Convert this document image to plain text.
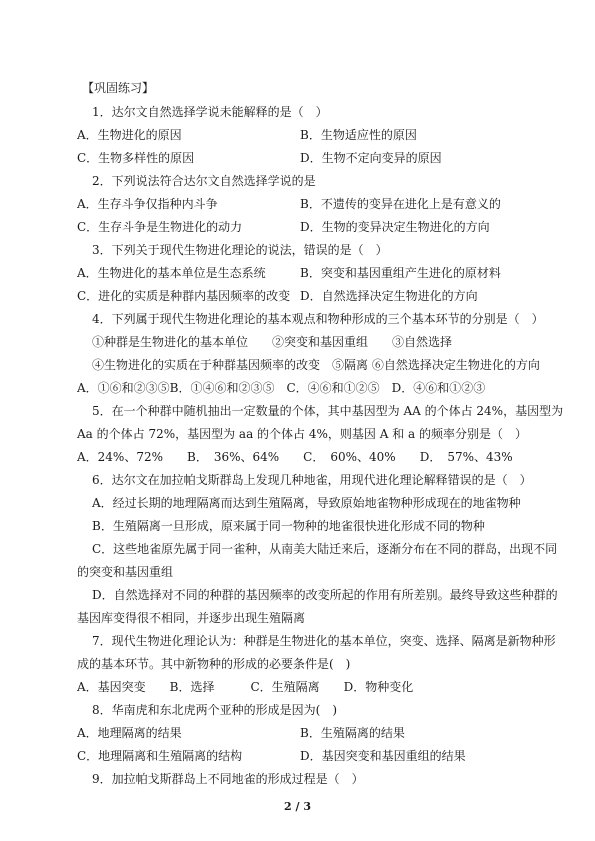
【巩固练习】
1．达尔文自然选择学说未能解释的是（　）
A．生物进化的原因	B．生物适应性的原因
C．生物多样性的原因	D．生物不定向变异的原因
2．下列说法符合达尔文自然选择学说的是
A．生存斗争仅指种内斗争	B．不遗传的变异在进化上是有意义的
C．生存斗争是生物进化的动力	D．生物的变异决定生物进化的方向
3．下列关于现代生物进化理论的说法，错误的是（　）
A．生物进化的基本单位是生态系统	B．突变和基因重组产生进化的原材料
C．进化的实质是种群内基因频率的改变 D．自然选择决定生物进化的方向
4．下列属于现代生物进化理论的基本观点和物种形成的三个基本环节的分别是（　）
①种群是生物进化的基本单位　　②突变和基因重组　　③自然选择
④生物进化的实质在于种群基因频率的改变　⑤隔离 ⑥自然选择决定生物进化的方向
A．①⑥和②③⑤B．①④⑥和②③⑤　C．④⑥和①②⑤　D．④⑥和①②③
5．在一个种群中随机抽出一定数量的个体，其中基因型为 AA 的个体占 24%，基因型为
Aa 的个体占 72%，基因型为 aa 的个体占 4%，则基因 A 和 a 的频率分别是（　）
A．24%、72%　　B．　36%、64%　　C．　60%、40%　　D．　57%、43%
6．达尔文在加拉帕戈斯群岛上发现几种地雀，用现代进化理论解释错误的是（　）
A．经过长期的地理隔离而达到生殖隔离，导致原始地雀物种形成现在的地雀物种
B．生殖隔离一旦形成，原来属于同一物种的地雀很快进化形成不同的物种
C．这些地雀原先属于同一雀种，从南美大陆迁来后，逐渐分布在不同的群岛，出现不同
的突变和基因重组
D．自然选择对不同的种群的基因频率的改变所起的作用有所差别。最终导致这些种群的
基因库变得很不相同，并逐步出现生殖隔离
7．现代生物进化理论认为：种群是生物进化的基本单位，突变、选择、隔离是新物种形
成的基本环节。其中新物种的形成的必要条件是(　)
A．基因突变　　B．选择　　　C．生殖隔离　　D．物种变化
8．华南虎和东北虎两个亚种的形成是因为(　)
A．地理隔离的结果	B．生殖隔离的结果
C．地理隔离和生殖隔离的结构	D．基因突变和基因重组的结果
9．加拉帕戈斯群岛上不同地雀的形成过程是（　）
2 / 3
